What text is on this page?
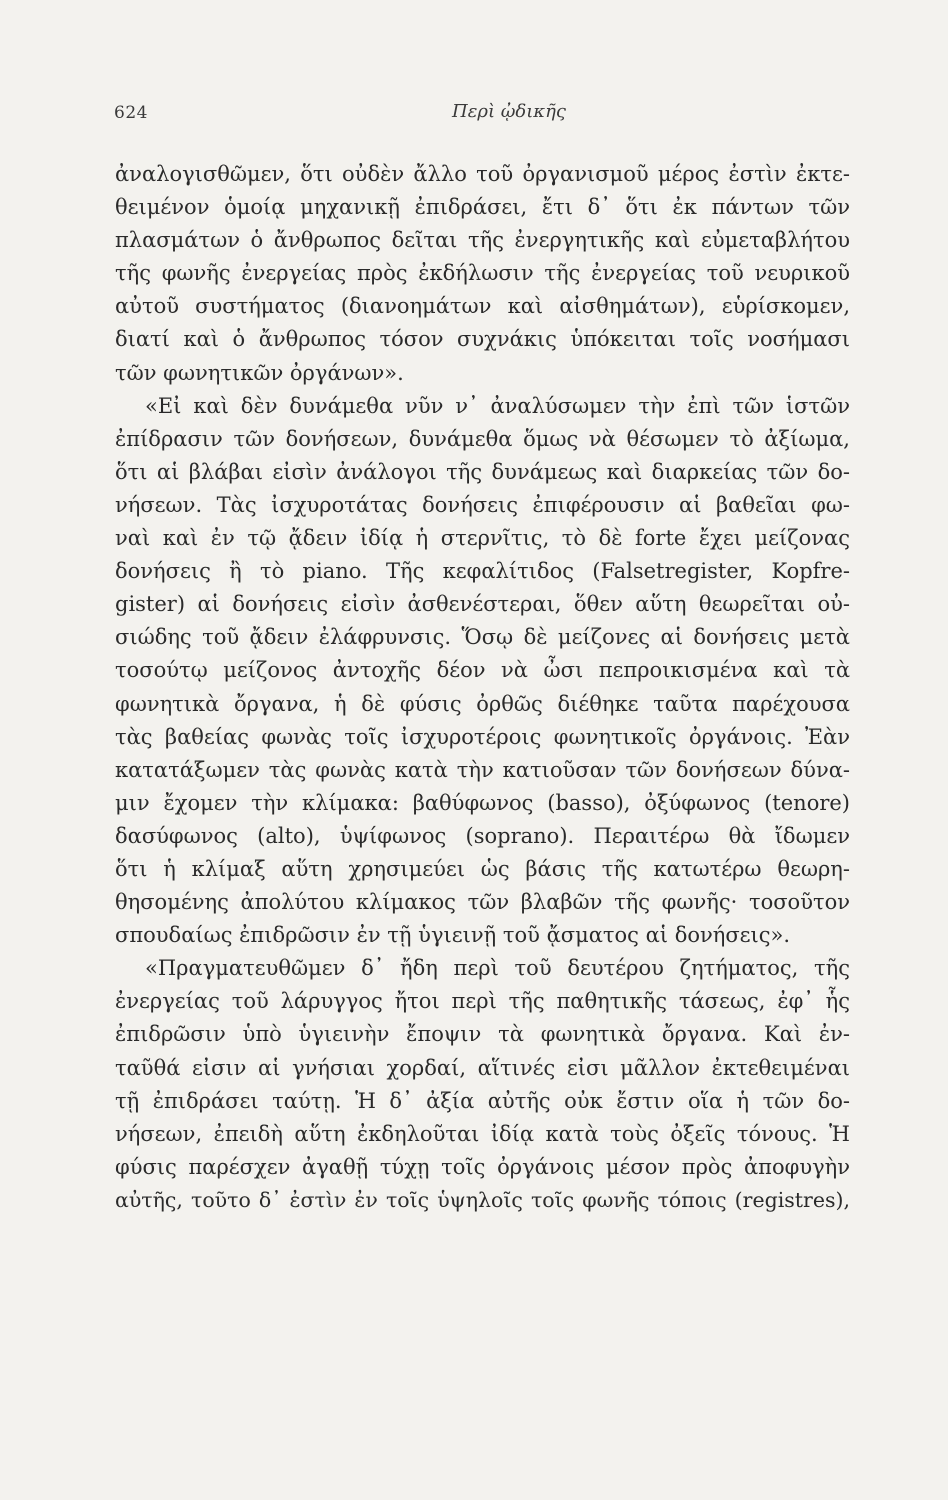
624	Περὶ ᾠδικῆς
ἀναλογισθῶμεν, ὅτι οὐδὲν ἄλλο τοῦ ὀργανισμοῦ μέρος ἐστὶν ἐκτε-
θειμένον ὁμοίᾳ μηχανικῇ ἐπιδράσει, ἔτι δ᾽ ὅτι ἐκ πάντων τῶν
πλασμάτων ὁ ἄνθρωπος δεῖται τῆς ἐνεργητικῆς καὶ εὐμεταβλήτου
τῆς φωνῆς ἐνεργείας πρὸς ἐκδήλωσιν τῆς ἐνεργείας τοῦ νευρικοῦ
αὐτοῦ συστήματος (διανοημάτων καὶ αἰσθημάτων), εὑρίσκομεν,
διατί καὶ ὁ ἄνθρωπος τόσον συχνάκις ὑπόκειται τοῖς νοσήμασι
τῶν φωνητικῶν ὀργάνων».
«Εἰ καὶ δὲν δυνάμεθα νῦν ν᾽ ἀναλύσωμεν τὴν ἐπὶ τῶν ἱστῶν
ἐπίδρασιν τῶν δονήσεων, δυνάμεθα ὅμως νὰ θέσωμεν τὸ ἀξίωμα,
ὅτι αἱ βλάβαι εἰσὶν ἀνάλογοι τῆς δυνάμεως καὶ διαρκείας τῶν δο-
νήσεων. Τὰς ἰσχυροτάτας δονήσεις ἐπιφέρουσιν αἱ βαθεῖαι φω-
ναὶ καὶ ἐν τῷ ᾄδειν ἰδίᾳ ἡ στερνῖτις, τὸ δὲ forte ἔχει μείζονας
δονήσεις ἢ τὸ piano. Τῆς κεφαλίτιδος (Falsetregister, Kopfre-
gister) αἱ δονήσεις εἰσὶν ἀσθενέστεραι, ὅθεν αὕτη θεωρεῖται οὐ-
σιώδης τοῦ ᾄδειν ἐλάφρυνσις. Ὅσῳ δὲ μείζονες αἱ δονήσεις μετὰ
τοσούτῳ μείζονος ἀντοχῆς δέον νὰ ὦσι πεπροικισμένα καὶ τὰ
φωνητικὰ ὄργανα, ἡ δὲ φύσις ὀρθῶς διέθηκε ταῦτα παρέχουσα
τὰς βαθείας φωνὰς τοῖς ἰσχυροτέροις φωνητικοῖς ὀργάνοις. Ἐὰν
κατατάξωμεν τὰς φωνὰς κατὰ τὴν κατιοῦσαν τῶν δονήσεων δύνα-
μιν ἔχομεν τὴν κλίμακα: βαθύφωνος (basso), ὀξύφωνος (tenore)
δασύφωνος (alto), ὑψίφωνος (soprano). Περαιτέρω θὰ ἴδωμεν
ὅτι ἡ κλίμαξ αὕτη χρησιμεύει ὡς βάσις τῆς κατωτέρω θεωρη-
θησομένης ἀπολύτου κλίμακος τῶν βλαβῶν τῆς φωνῆς· τοσοῦτον
σπουδαίως ἐπιδρῶσιν ἐν τῇ ὑγιεινῇ τοῦ ᾄσματος αἱ δονήσεις».
«Πραγματευθῶμεν δ᾽ ἤδη περὶ τοῦ δευτέρου ζητήματος, τῆς
ἐνεργείας τοῦ λάρυγγος ἤτοι περὶ τῆς παθητικῆς τάσεως, ἐφ᾽ ἧς
ἐπιδρῶσιν ὑπὸ ὑγιεινὴν ἔποψιν τὰ φωνητικὰ ὄργανα. Καὶ ἐν-
ταῦθά εἰσιν αἱ γνήσιαι χορδαί, αἵτινές εἰσι μᾶλλον ἐκτεθειμέναι
τῇ ἐπιδράσει ταύτῃ. Ἡ δ᾽ ἀξία αὐτῆς οὐκ ἔστιν οἵα ἡ τῶν δο-
νήσεων, ἐπειδὴ αὕτη ἐκδηλοῦται ἰδίᾳ κατὰ τοὺς ὀξεῖς τόνους. Ἡ
φύσις παρέσχεν ἀγαθῇ τύχῃ τοῖς ὀργάνοις μέσον πρὸς ἀποφυγὴν
αὐτῆς, τοῦτο δ᾽ ἐστὶν ἐν τοῖς ὑψηλοῖς τοῖς φωνῆς τόποις (registres),
